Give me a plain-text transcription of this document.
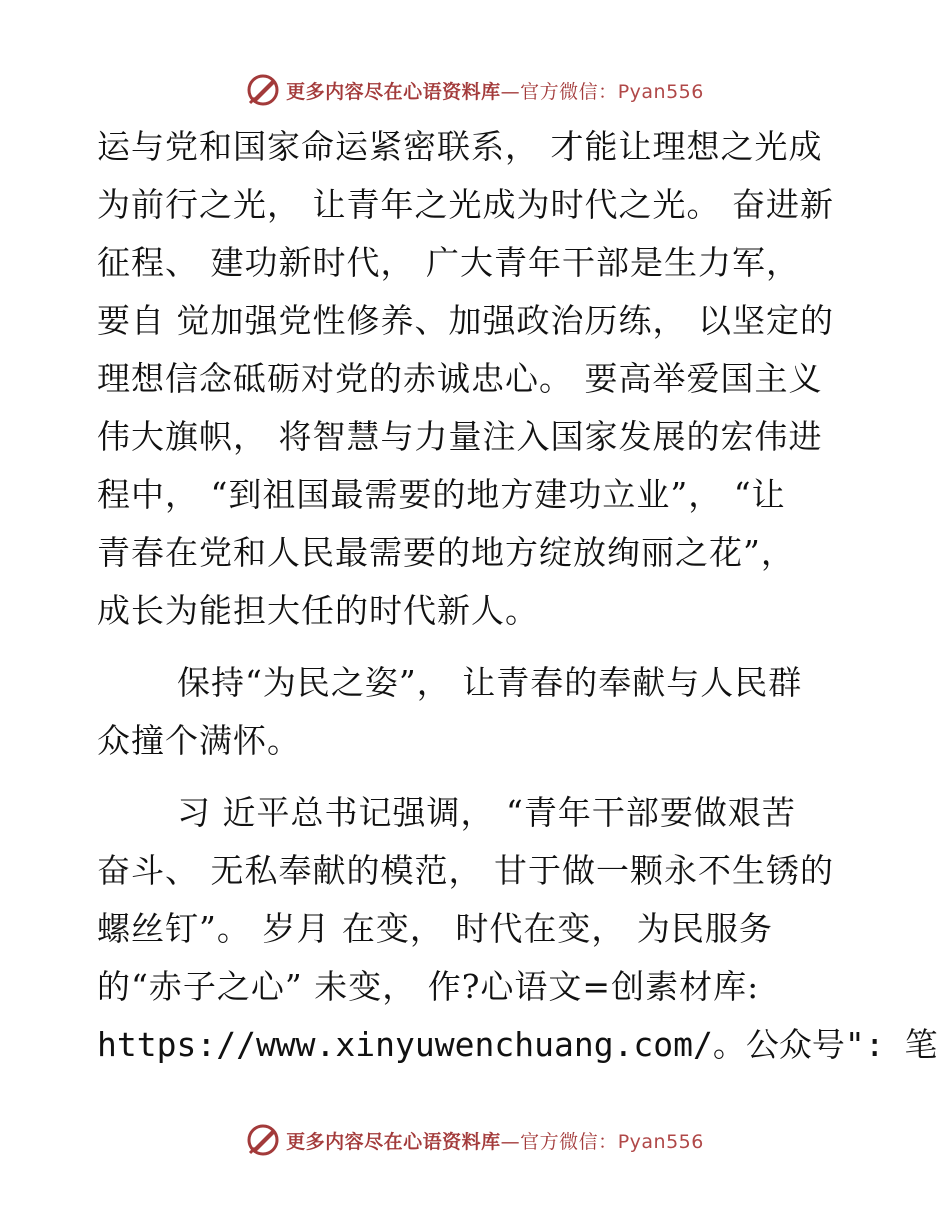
更多内容尽在心语资料库—官方微信：Pyan556
运与党和国家命运紧密联系， 才能让理想之光成
为前行之光， 让青年之光成为时代之光。 奋进新
征程、 建功新时代， 广大青年干部是生力军，
要自 觉加强党性修养、加强政治历练， 以坚定的
理想信念砥砺对党的赤诚忠心。 要高举爱国主义
伟大旗帜， 将智慧与力量注入国家发展的宏伟进
程中， “到祖国最需要的地方建功立业”， “让
青春在党和人民最需要的地方绽放绚丽之花”，
成长为能担大任的时代新人。
保持“为民之姿”， 让青春的奉献与人民群
众撞个满怀。
习 近平总书记强调， “青年干部要做艰苦
奋斗、 无私奉献的模范， 甘于做一颗永不生锈的
螺丝钉”。 岁月 在变， 时代在变， 为民服务
的“赤子之心” 未变， 作?心语文=创素材库:
https://www.xinyuwenchuang.com/。公众号": 笔
更多内容尽在心语资料库—官方微信：Pyan556
